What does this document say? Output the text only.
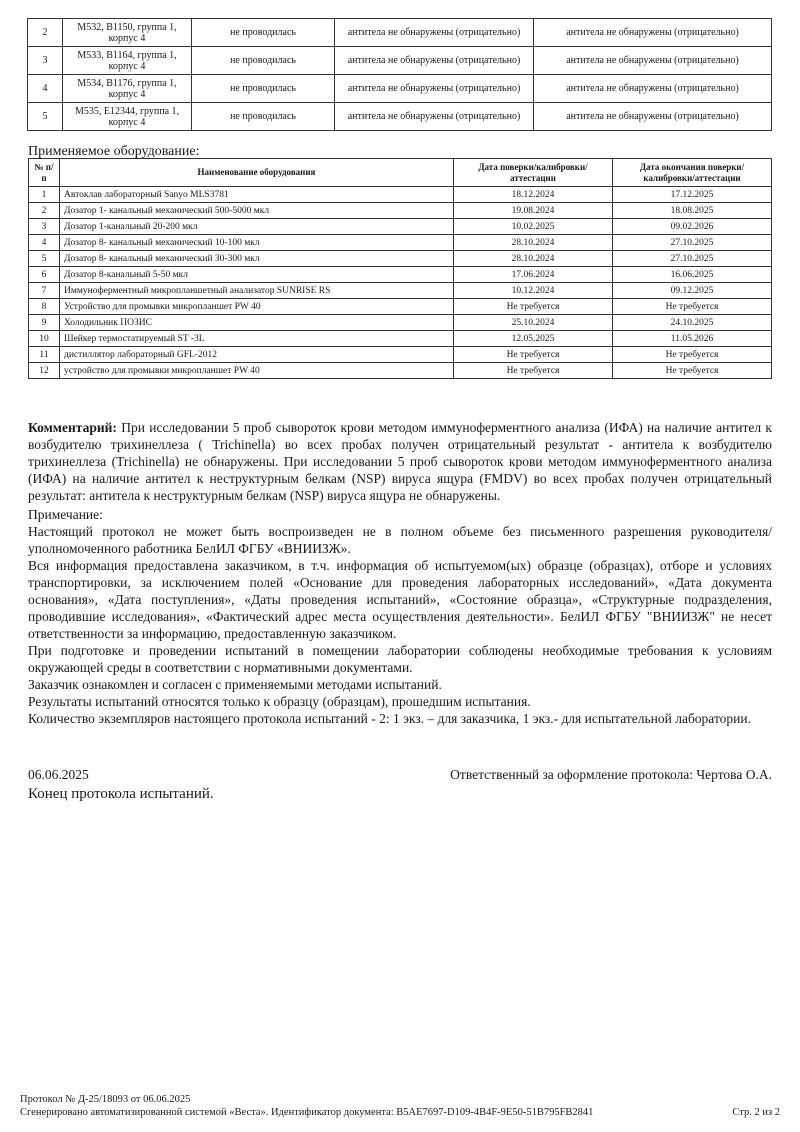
2	M532, B1150, группа 1, корпус 4	не проводилась	антитела не обнаружены (отрицательно)	антитела не обнаружены (отрицательно)
3	M533, B1164, группа 1, корпус 4	не проводилась	антитела не обнаружены (отрицательно)	антитела не обнаружены (отрицательно)
4	M534, B1176, группа 1, корпус 4	не проводилась	антитела не обнаружены (отрицательно)	антитела не обнаружены (отрицательно)
5	M535, E12344, группа 1, корпус 4	не проводилась	антитела не обнаружены (отрицательно)	антитела не обнаружены (отрицательно)
Применяемое оборудование:
№ п/п	Наименование оборудования	Дата поверки/калибровки/аттестации	Дата окончания поверки/калибровки/аттестации
1	Автоклав лабораторный Sanyo MLS3781	18.12.2024	17.12.2025
2	Дозатор 1- канальный механический 500-5000 мкл	19.08.2024	18.08.2025
3	Дозатор 1-канальный 20-200 мкл	10.02.2025	09.02.2026
4	Дозатор 8- канальный механический 10-100 мкл	28.10.2024	27.10.2025
5	Дозатор 8- канальный механический 30-300 мкл	28.10.2024	27.10.2025
6	Дозатор 8-канальный 5-50 мкл	17.06.2024	16.06.2025
7	Иммуноферментный микропланшетный анализатор SUNRISE RS	10.12.2024	09.12.2025
8	Устройство для промывки микропланшет PW 40	Не требуется	Не требуется
9	Холодильник ПОЗИС	25.10.2024	24.10.2025
10	Шейкер термостатируемый ST -3L	12.05.2025	11.05.2026
11	дистиллятор лабораторный GFL-2012	Не требуется	Не требуется
12	устройство для промывки микропланшет PW 40	Не требуется	Не требуется
Комментарий: При исследовании 5 проб сывороток крови методом иммуноферментного анализа (ИФА) на наличие антител к возбудителю трихинеллеза ( Trichinella) во всех пробах получен отрицательный результат - антитела к возбудителю трихинеллеза (Trichinella) не обнаружены. При исследовании 5 проб сывороток крови методом иммуноферментного анализа (ИФА) на наличие антител к неструктурным белкам (NSP) вируса ящура (FMDV) во всех пробах получен отрицательный результат: антитела к неструктурным белкам (NSP) вируса ящура не обнаружены.
Примечание:
Настоящий протокол не может быть воспроизведен не в полном объеме без письменного разрешения руководителя/уполномоченного работника БелИЛ ФГБУ «ВНИИЗЖ».
Вся информация предоставлена заказчиком, в т.ч. информация об испытуемом(ых) образце (образцах), отборе и условиях транспортировки, за исключением полей «Основание для проведения лабораторных исследований», «Дата документа основания», «Дата поступления», «Даты проведения испытаний», «Состояние образца», «Структурные подразделения, проводившие исследования», «Фактический адрес места осуществления деятельности». БелИЛ ФГБУ "ВНИИЗЖ" не несет ответственности за информацию, предоставленную заказчиком.
При подготовке и проведении испытаний в помещении лаборатории соблюдены необходимые требования к условиям окружающей среды в соответствии с нормативными документами.
Заказчик ознакомлен и согласен с применяемыми методами испытаний.
Результаты испытаний относятся только к образцу (образцам), прошедшим испытания.
Количество экземпляров настоящего протокола испытаний - 2: 1 экз. – для заказчика, 1 экз.- для испытательной лаборатории.
06.06.2025	Ответственный за оформление протокола: Чертова О.А.
Конец протокола испытаний.
Протокол № Д-25/18093 от 06.06.2025
Сгенерировано автоматизированной системой «Веста». Идентификатор документа: B5AE7697-D109-4B4F-9E50-51B795FB2841	Стр. 2 из 2
